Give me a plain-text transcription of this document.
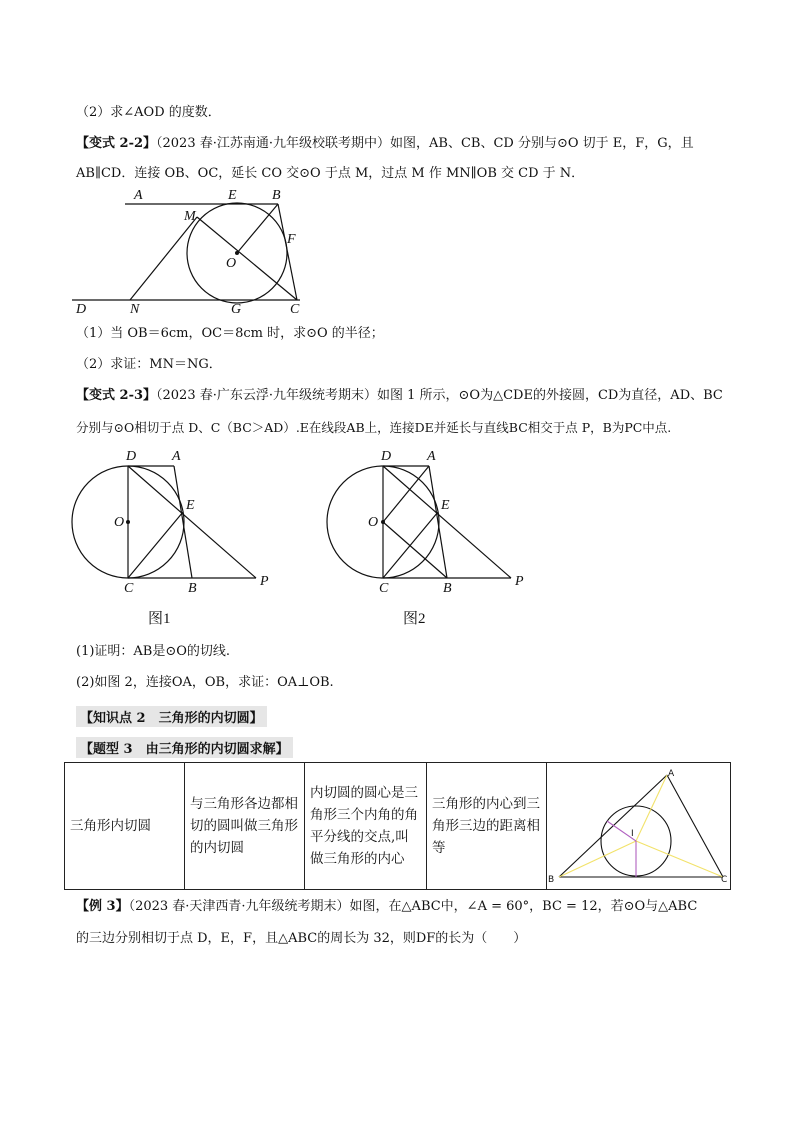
（2）求∠AOD 的度数．
【变式 2-2】（2023 春·江苏南通·九年级校联考期中）如图，AB、CB、CD 分别与⊙O 切于 E，F，G，且
AB∥CD．连接 OB、OC，延长 CO 交⊙O 于点 M，过点 M 作 MN∥OB 交 CD 于 N．
A	E	B
M
F
O
D	N	G	C
（1）当 OB＝6cm，OC＝8cm 时，求⊙O 的半径；
（2）求证：MN＝NG．
【变式 2-3】（2023 春·广东云浮·九年级统考期末）如图 1 所示，⊙O为△CDE的外接圆，CD为直径，AD、BC
分别与⊙O相切于点 D、C（BC＞AD）.E在线段AB上，连接DE并延长与直线BC相交于点 P，B为PC中点.
D	A
O
E
C	B	P
图1
D	A
O
E
C	B	P
图2
(1)证明：AB是⊙O的切线.
(2)如图 2，连接OA，OB，求证：OA⊥OB.
【知识点 2　三角形的内切圆】
【题型 3　由三角形的内切圆求解】
三角形内切圆	与三角形各边都相切的圆叫做三角形的内切圆	内切圆的圆心是三角形三个内角的角平分线的交点,叫做三角形的内心	三角形的内心到三角形三边的距离相等	
A
I
B	C
【例 3】（2023 春·天津西青·九年级统考期末）如图，在△ABC中，∠A = 60°，BC = 12，若⊙O与△ABC
的三边分别相切于点 D，E，F，且△ABC的周长为 32，则DF的长为（　　）
